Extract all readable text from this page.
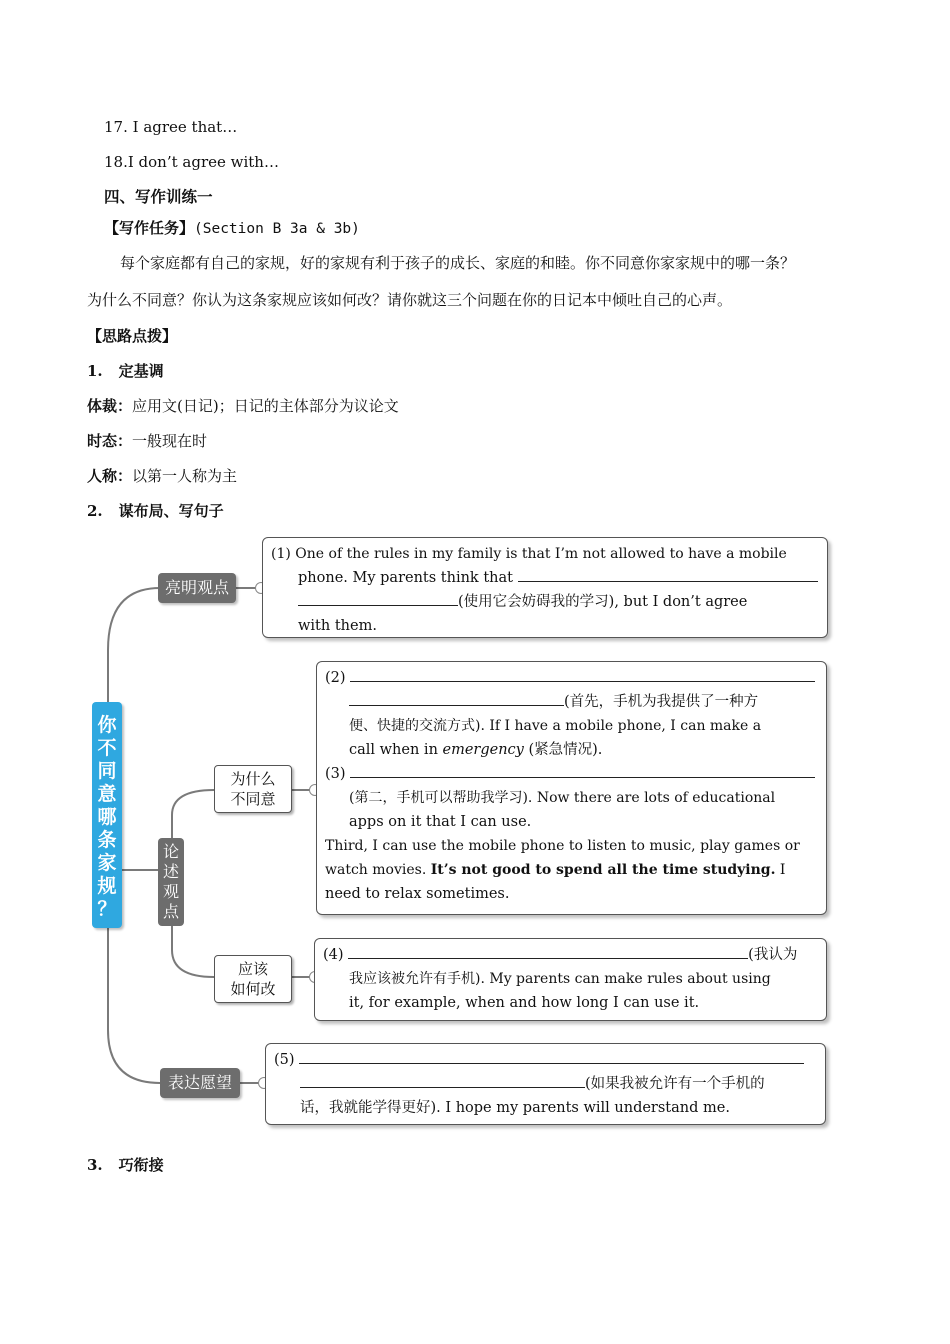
17. I agree that…
18.I don’t agree with…
四、写作训练一
【写作任务】(Section B 3a & 3b)
每个家庭都有自己的家规，好的家规有利于孩子的成长、家庭的和睦。你不同意你家家规中的哪一条？
为什么不同意？你认为这条家规应该如何改？请你就这三个问题在你的日记本中倾吐自己的心声。
【思路点拨】
1. 定基调
体裁：应用文(日记)；日记的主体部分为议论文
时态：一般现在时
人称：以第一人称为主
2. 谋布局、写句子
你
不
同
意
哪
条
家
规
？
亮明观点
论
述
观
点
为什么
不同意
应该
如何改
表达愿望
(1) One of the rules in my family is that I’m not allowed to have a mobile
phone. My parents think that
(使用它会妨碍我的学习), but I don’t agree
with them.
(2)
(首先，手机为我提供了一种方
便、快捷的交流方式). If I have a mobile phone, I can make a
call when in emergency (紧急情况).
(3)
(第二，手机可以帮助我学习). Now there are lots of educational
apps on it that I can use.
Third, I can use the mobile phone to listen to music, play games or
watch movies. It’s not good to spend all the time studying. I
need to relax sometimes.
(4)	(我认为
我应该被允许有手机). My parents can make rules about using
it, for example, when and how long I can use it.
(5)
(如果我被允许有一个手机的
话，我就能学得更好). I hope my parents will understand me.
3. 巧衔接
